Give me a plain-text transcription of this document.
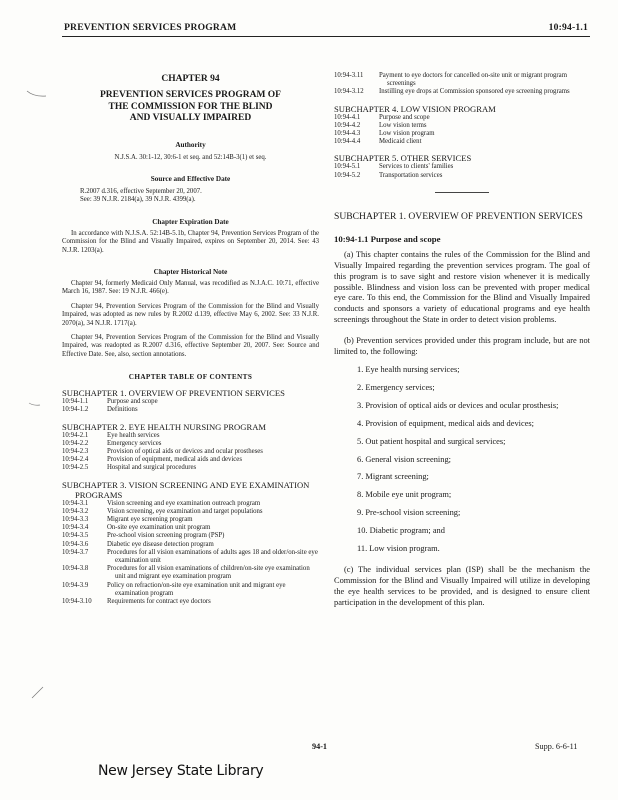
PREVENTION SERVICES PROGRAM	10:94-1.1
CHAPTER 94
PREVENTION SERVICES PROGRAM OF
THE COMMISSION FOR THE BLIND
AND VISUALLY IMPAIRED
Authority
N.J.S.A. 30:1-12, 30:6-1 et seq. and 52:14B-3(1) et seq.
Source and Effective Date
R.2007 d.316, effective September 20, 2007.
See: 39 N.J.R. 2184(a), 39 N.J.R. 4399(a).
Chapter Expiration Date
In accordance with N.J.S.A. 52:14B-5.1b, Chapter 94, Prevention Services Program of the Commission for the Blind and Visually Impaired, expires on September 20, 2014. See: 43 N.J.R. 1203(a).
Chapter Historical Note
Chapter 94, formerly Medicaid Only Manual, was recodified as N.J.A.C. 10:71, effective March 16, 1987. See: 19 N.J.R. 466(e).
Chapter 94, Prevention Services Program of the Commission for the Blind and Visually Impaired, was adopted as new rules by R.2002 d.139, effective May 6, 2002. See: 33 N.J.R. 2070(a), 34 N.J.R. 1717(a).
Chapter 94, Prevention Services Program of the Commission for the Blind and Visually Impaired, was readopted as R.2007 d.316, effective September 20, 2007. See: Source and Effective Date. See, also, section annotations.
CHAPTER TABLE OF CONTENTS
SUBCHAPTER 1. OVERVIEW OF PREVENTION SERVICES
10:94-1.1	Purpose and scope
10:94-1.2	Definitions
SUBCHAPTER 2. EYE HEALTH NURSING PROGRAM
10:94-2.1	Eye health services
10:94-2.2	Emergency services
10:94-2.3	Provision of optical aids or devices and ocular prostheses
10:94-2.4	Provision of equipment, medical aids and devices
10:94-2.5	Hospital and surgical procedures
SUBCHAPTER 3. VISION SCREENING AND EYE EXAMINATION PROGRAMS
10:94-3.1	Vision screening and eye examination outreach program
10:94-3.2	Vision screening, eye examination and target populations
10:94-3.3	Migrant eye screening program
10:94-3.4	On-site eye examination unit program
10:94-3.5	Pre-school vision screening program (PSP)
10:94-3.6	Diabetic eye disease detection program
10:94-3.7	Procedures for all vision examinations of adults ages 18 and older/on-site eye examination unit
10:94-3.8	Procedures for all vision examinations of children/on-site eye examination unit and migrant eye examination program
10:94-3.9	Policy on refraction/on-site eye examination unit and migrant eye examination program
10:94-3.10	Requirements for contract eye doctors
10:94-3.11	Payment to eye doctors for cancelled on-site unit or migrant program screenings
10:94-3.12	Instilling eye drops at Commission sponsored eye screening programs
SUBCHAPTER 4. LOW VISION PROGRAM
10:94-4.1	Purpose and scope
10:94-4.2	Low vision terms
10:94-4.3	Low vision program
10:94-4.4	Medicaid client
SUBCHAPTER 5. OTHER SERVICES
10:94-5.1	Services to clients' families
10:94-5.2	Transportation services
SUBCHAPTER 1. OVERVIEW OF PREVENTION SERVICES
10:94-1.1 Purpose and scope
(a) This chapter contains the rules of the Commission for the Blind and Visually Impaired regarding the prevention services program. The goal of this program is to save sight and restore vision whenever it is medically possible. Blindness and vision loss can be prevented with proper medical eye care. To this end, the Commission for the Blind and Visually Impaired conducts and sponsors a variety of educational programs and eye health screenings throughout the State in order to detect vision problems.
(b) Prevention services provided under this program include, but are not limited to, the following:
1. Eye health nursing services;
2. Emergency services;
3. Provision of optical aids or devices and ocular prosthesis;
4. Provision of equipment, medical aids and devices;
5. Out patient hospital and surgical services;
6. General vision screening;
7. Migrant screening;
8. Mobile eye unit program;
9. Pre-school vision screening;
10. Diabetic program; and
11. Low vision program.
(c) The individual services plan (ISP) shall be the mechanism the Commission for the Blind and Visually Impaired will utilize in developing the eye health services to be provided, and is designed to ensure client participation in the development of this plan.
94-1	Supp. 6-6-11
New Jersey State Library
